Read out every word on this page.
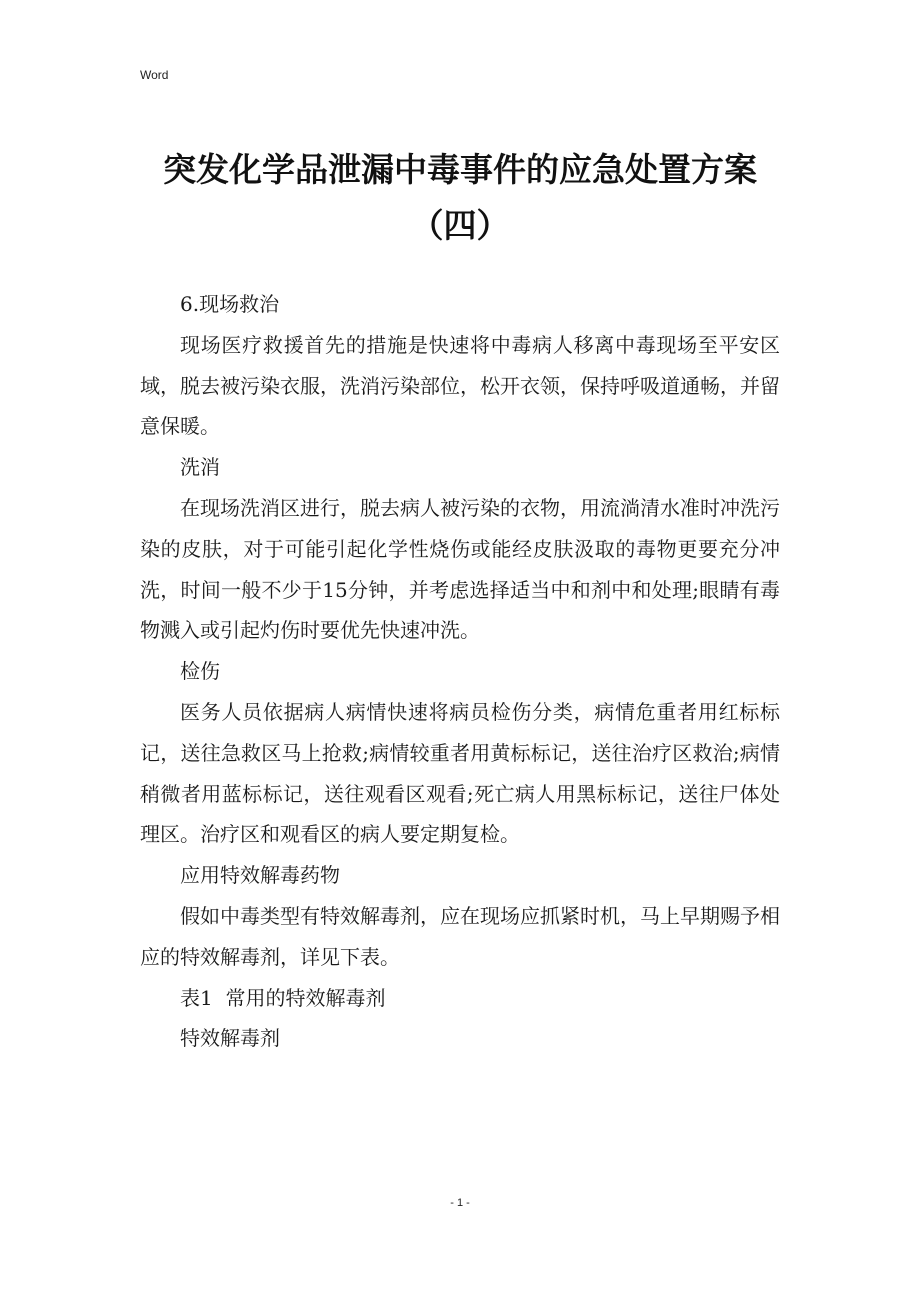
Word
突发化学品泄漏中毒事件的应急处置方案（四）

6.现场救治

现场医疗救援首先的措施是快速将中毒病人移离中毒现场至平安区域，脱去被污染衣服，洗消污染部位，松开衣领，保持呼吸道通畅，并留意保暖。

洗消

在现场洗消区进行，脱去病人被污染的衣物，用流淌清水准时冲洗污染的皮肤，对于可能引起化学性烧伤或能经皮肤汲取的毒物更要充分冲洗，时间一般不少于15分钟，并考虑选择适当中和剂中和处理;眼睛有毒物溅入或引起灼伤时要优先快速冲洗。

检伤

医务人员依据病人病情快速将病员检伤分类，病情危重者用红标标记，送往急救区马上抢救;病情较重者用黄标标记，送往治疗区救治;病情稍微者用蓝标标记，送往观看区观看;死亡病人用黑标标记，送往尸体处理区。治疗区和观看区的病人要定期复检。

应用特效解毒药物

假如中毒类型有特效解毒剂，应在现场应抓紧时机，马上早期赐予相应的特效解毒剂，详见下表。

表1  常用的特效解毒剂

特效解毒剂

- 1 -
